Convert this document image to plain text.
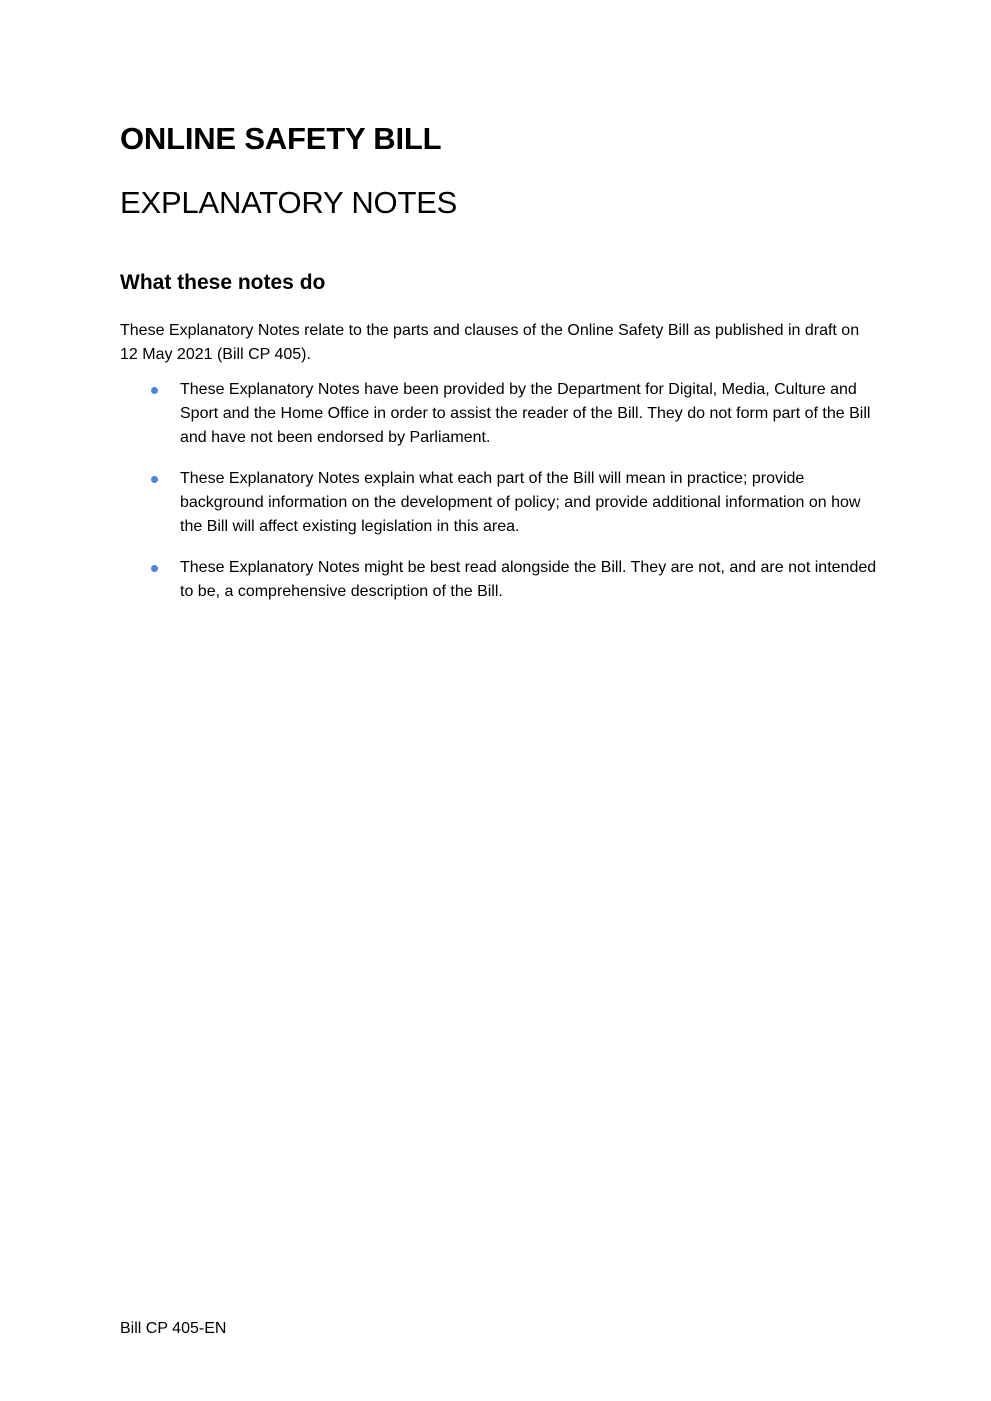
ONLINE SAFETY BILL
EXPLANATORY NOTES
What these notes do

These Explanatory Notes relate to the parts and clauses of the Online Safety Bill as published in draft on 12 May 2021 (Bill CP 405).

These Explanatory Notes have been provided by the Department for Digital, Media, Culture and Sport and the Home Office in order to assist the reader of the Bill. They do not form part of the Bill and have not been endorsed by Parliament.
These Explanatory Notes explain what each part of the Bill will mean in practice; provide background information on the development of policy; and provide additional information on how the Bill will affect existing legislation in this area.
These Explanatory Notes might be best read alongside the Bill. They are not, and are not intended to be, a comprehensive description of the Bill.

Bill CP 405-EN
